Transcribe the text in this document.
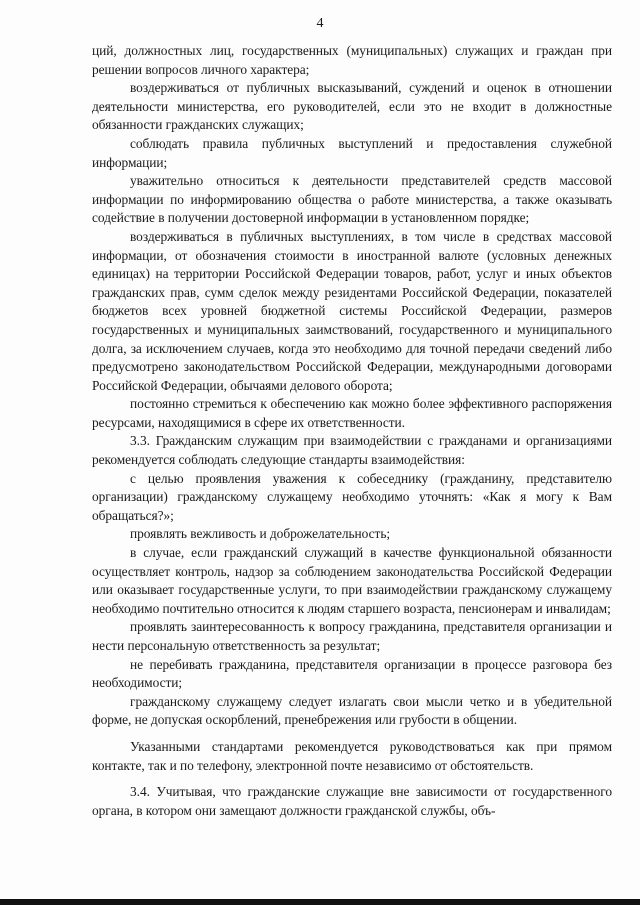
4

ций, должностных лиц, государственных (муниципальных) служащих и граждан при решении вопросов личного характера;

воздерживаться от публичных высказываний, суждений и оценок в отношении деятельности министерства, его руководителей, если это не входит в должностные обязанности гражданских служащих;

соблюдать правила публичных выступлений и предоставления служебной информации;

уважительно относиться к деятельности представителей средств массовой информации по информированию общества о работе министерства, а также оказывать содействие в получении достоверной информации в установленном порядке;

воздерживаться в публичных выступлениях, в том числе в средствах массовой информации, от обозначения стоимости в иностранной валюте (условных денежных единицах) на территории Российской Федерации товаров, работ, услуг и иных объектов гражданских прав, сумм сделок между резидентами Российской Федерации, показателей бюджетов всех уровней бюджетной системы Российской Федерации, размеров государственных и муниципальных заимствований, государственного и муниципального долга, за исключением случаев, когда это необходимо для точной передачи сведений либо предусмотрено законодательством Российской Федерации, международными договорами Российской Федерации, обычаями делового оборота;

постоянно стремиться к обеспечению как можно более эффективного распоряжения ресурсами, находящимися в сфере их ответственности.

3.3. Гражданским служащим при взаимодействии с гражданами и организациями рекомендуется соблюдать следующие стандарты взаимодействия:

с целью проявления уважения к собеседнику (гражданину, представителю организации) гражданскому служащему необходимо уточнять: «Как я могу к Вам обращаться?»;

проявлять вежливость и доброжелательность;

в случае, если гражданский служащий в качестве функциональной обязанности осуществляет контроль, надзор за соблюдением законодательства Российской Федерации или оказывает государственные услуги, то при взаимодействии гражданскому служащему необходимо почтительно относится к людям старшего возраста, пенсионерам и инвалидам;

проявлять заинтересованность к вопросу гражданина, представителя организации и нести персональную ответственность за результат;

не перебивать гражданина, представителя организации в процессе разговора без необходимости;

гражданскому служащему следует излагать свои мысли четко и в убедительной форме, не допуская оскорблений, пренебрежения или грубости в общении.

Указанными стандартами рекомендуется руководствоваться как при прямом контакте, так и по телефону, электронной почте независимо от обстоятельств.

3.4. Учитывая, что гражданские служащие вне зависимости от государственного органа, в котором они замещают должности гражданской службы, объ-
